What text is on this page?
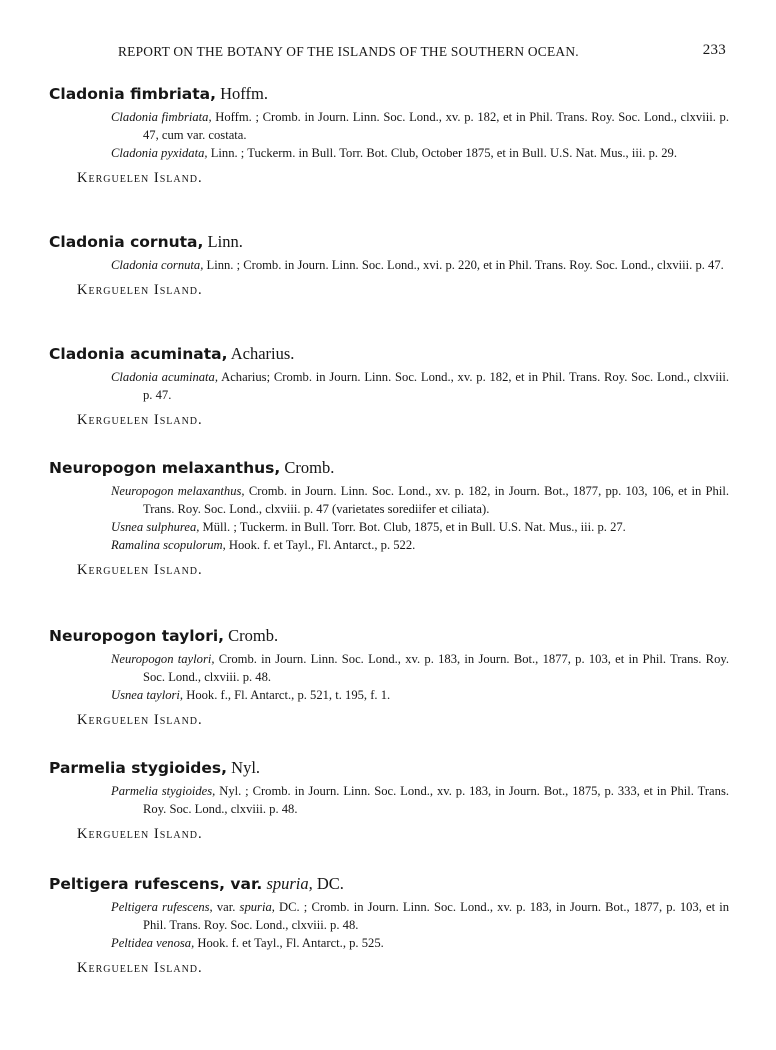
REPORT ON THE BOTANY OF THE ISLANDS OF THE SOUTHERN OCEAN.	233
Cladonia fimbriata, Hoffm.
Cladonia fimbriata, Hoffm. ; Cromb. in Journ. Linn. Soc. Lond., xv. p. 182, et in Phil. Trans. Roy. Soc. Lond., clxviii. p. 47, cum var. costata.
Cladonia pyxidata, Linn. ; Tuckerm. in Bull. Torr. Bot. Club, October 1875, et in Bull. U.S. Nat. Mus., iii. p. 29.
Kerguelen Island.
Cladonia cornuta, Linn.
Cladonia cornuta, Linn. ; Cromb. in Journ. Linn. Soc. Lond., xvi. p. 220, et in Phil. Trans. Roy. Soc. Lond., clxviii. p. 47.
Kerguelen Island.
Cladonia acuminata, Acharius.
Cladonia acuminata, Acharius; Cromb. in Journ. Linn. Soc. Lond., xv. p. 182, et in Phil. Trans. Roy. Soc. Lond., clxviii. p. 47.
Kerguelen Island.
Neuropogon melaxanthus, Cromb.
Neuropogon melaxanthus, Cromb. in Journ. Linn. Soc. Lond., xv. p. 182, in Journ. Bot., 1877, pp. 103, 106, et in Phil. Trans. Roy. Soc. Lond., clxviii. p. 47 (varietates sorediifer et ciliata).
Usnea sulphurea, Müll. ; Tuckerm. in Bull. Torr. Bot. Club, 1875, et in Bull. U.S. Nat. Mus., iii. p. 27.
Ramalina scopulorum, Hook. f. et Tayl., Fl. Antarct., p. 522.
Kerguelen Island.
Neuropogon taylori, Cromb.
Neuropogon taylori, Cromb. in Journ. Linn. Soc. Lond., xv. p. 183, in Journ. Bot., 1877, p. 103, et in Phil. Trans. Roy. Soc. Lond., clxviii. p. 48.
Usnea taylori, Hook. f., Fl. Antarct., p. 521, t. 195, f. 1.
Kerguelen Island.
Parmelia stygioides, Nyl.
Parmelia stygioides, Nyl. ; Cromb. in Journ. Linn. Soc. Lond., xv. p. 183, in Journ. Bot., 1875, p. 333, et in Phil. Trans. Roy. Soc. Lond., clxviii. p. 48.
Kerguelen Island.
Peltigera rufescens, var. spuria, DC.
Peltigera rufescens, var. spuria, DC. ; Cromb. in Journ. Linn. Soc. Lond., xv. p. 183, in Journ. Bot., 1877, p. 103, et in Phil. Trans. Roy. Soc. Lond., clxviii. p. 48.
Peltidea venosa, Hook. f. et Tayl., Fl. Antarct., p. 525.
Kerguelen Island.
